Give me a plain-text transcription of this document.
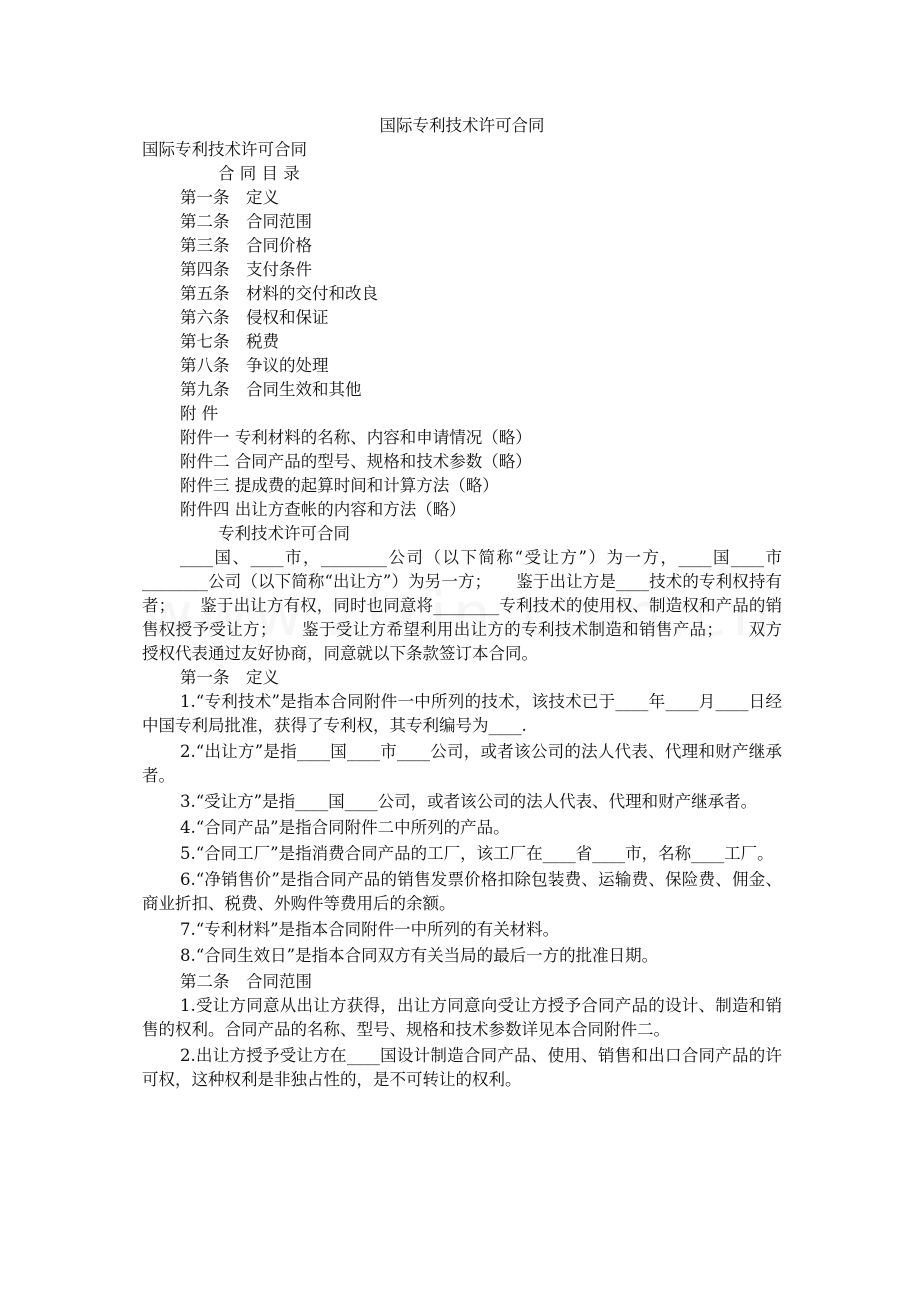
国际专利技术许可合同
国际专利技术许可合同
合 同 目 录
第一条　定义
第二条　合同范围
第三条　合同价格
第四条　支付条件
第五条　材料的交付和改良
第六条　侵权和保证
第七条　税费
第八条　争议的处理
第九条　合同生效和其他
附 件
附件一 专利材料的名称、内容和申请情况（略）
附件二 合同产品的型号、规格和技术参数（略）
附件三 提成费的起算时间和计算方法（略）
附件四 出让方查帐的内容和方法（略）
专利技术许可合同
____国、____市，________公司（以下简称“受让方”）为一方，____国____市________公司（以下简称“出让方”）为另一方；　　鉴于出让方是____技术的专利权持有者；　　鉴于出让方有权，同时也同意将________专利技术的使用权、制造权和产品的销售权授予受让方；　　鉴于受让方希望利用出让方的专利技术制造和销售产品；　　双方授权代表通过友好协商，同意就以下条款签订本合同。
第一条　定义
1.“专利技术”是指本合同附件一中所列的技术，该技术已于____年____月____日经中国专利局批准，获得了专利权，其专利编号为____.
2.“出让方”是指____国____市____公司，或者该公司的法人代表、代理和财产继承者。
3.“受让方”是指____国____公司，或者该公司的法人代表、代理和财产继承者。
4.“合同产品”是指合同附件二中所列的产品。
5.“合同工厂”是指消费合同产品的工厂，该工厂在____省____市，名称____工厂。
6.“净销售价”是指合同产品的销售发票价格扣除包装费、运输费、保险费、佣金、商业折扣、税费、外购件等费用后的余额。
7.“专利材料”是指本合同附件一中所列的有关材料。
8.“合同生效日”是指本合同双方有关当局的最后一方的批准日期。
第二条　合同范围
1.受让方同意从出让方获得，出让方同意向受让方授予合同产品的设计、制造和销售的权利。合同产品的名称、型号、规格和技术参数详见本合同附件二。
2.出让方授予受让方在____国设计制造合同产品、使用、销售和出口合同产品的许可权，这种权利是非独占性的，是不可转让的权利。
